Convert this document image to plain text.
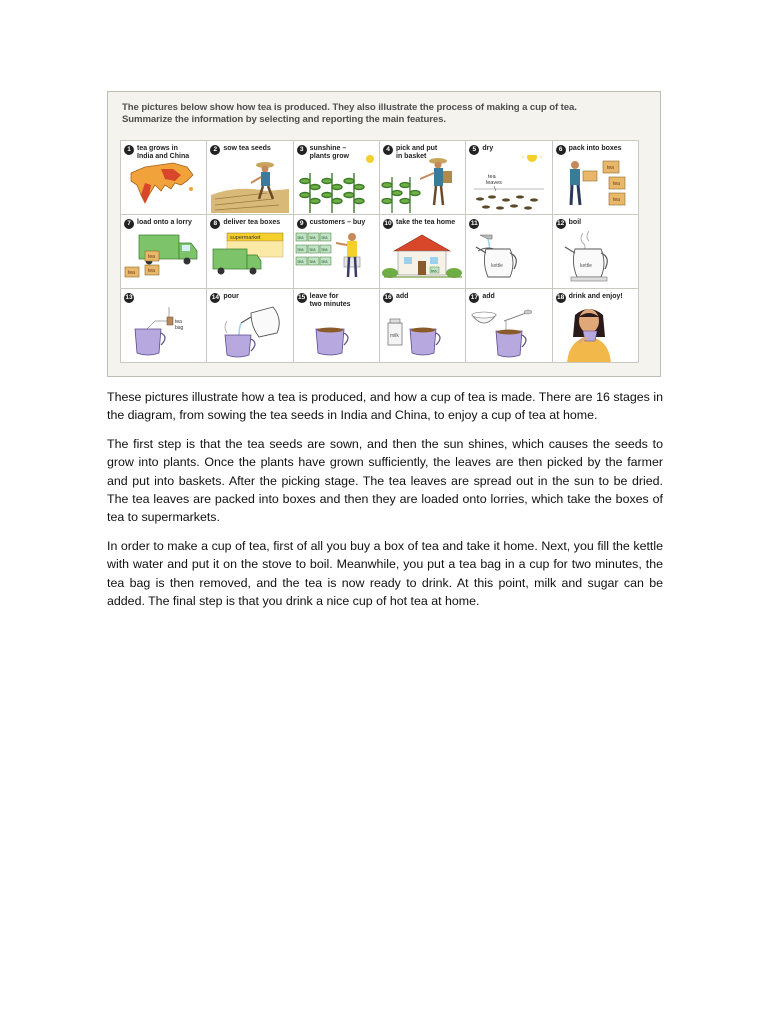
The pictures below show how tea is produced. They also illustrate the process of making a cup of tea.
Summarize the information by selecting and reporting the main features.
1 tea grows in
India and China
2 sow tea seeds	3 sunshine –
plants grow
4 pick and put
in basket
5 dry
tea
leaves
6 pack into boxes
tea
tea
tea
7 load onto a lorry
tea	tea
tea
8 deliver tea boxes
supermarket
9 customers – buy
tea tea tea
tea tea tea
tea tea tea
10 take the tea home
tea
11
kettle
12 boil
kettle
13
tea
bag
14 pour	15 leave for
two minutes
16 add
milk
17 add	18 drink and enjoy!

These pictures illustrate how a tea is produced, and how a cup of tea is made. There are 16 stages in the diagram, from sowing the tea seeds in India and China, to enjoy a cup of tea at home.

The first step is that the tea seeds are sown, and then the sun shines, which causes the seeds to grow into plants. Once the plants have grown sufficiently, the leaves are then picked by the farmer and put into baskets. After the picking stage. The tea leaves are spread out in the sun to be dried. The tea leaves are packed into boxes and then they are loaded onto lorries, which take the boxes of tea to supermarkets.

In order to make a cup of tea, first of all you buy a box of tea and take it home. Next, you fill the kettle with water and put it on the stove to boil. Meanwhile, you put a tea bag in a cup for two minutes, the tea bag is then removed, and the tea is now ready to drink. At this point, milk and sugar can be added. The final step is that you drink a nice cup of hot tea at home.
